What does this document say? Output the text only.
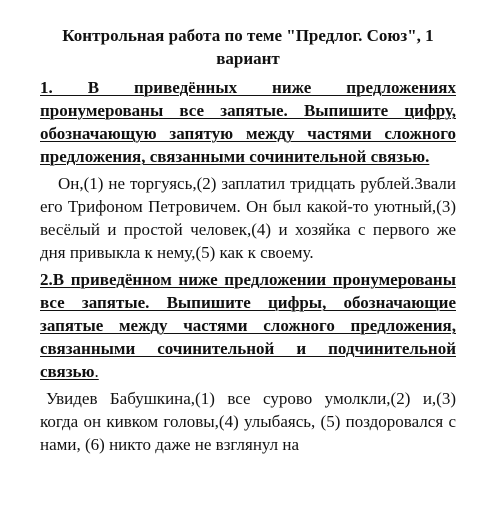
Контрольная работа по теме "Предлог. Союз", 1 вариант

1. В приведённых ниже предложениях пронумерованы все запятые. Выпишите цифру, обозначающую запятую между частями сложного предложения, связанными сочинительной связью.

Он,(1) не торгуясь,(2) заплатил тридцать рублей.Звали его Трифоном Петровичем. Он был какой-то уютный,(3) весёлый и простой человек,(4) и хозяйка с первого же дня привыкла к нему,(5) как к своему.

2.В приведённом ниже предложении пронумерованы все запятые. Выпишите цифры, обозначающие запятые между частями сложного предложения, связанными сочинительной и подчинительной связью.

Увидев Бабушкина,(1) все сурово умолкли,(2) и,(3) когда он кивком головы,(4) улыбаясь, (5) поздоровался с нами, (6) никто даже не взглянул на
